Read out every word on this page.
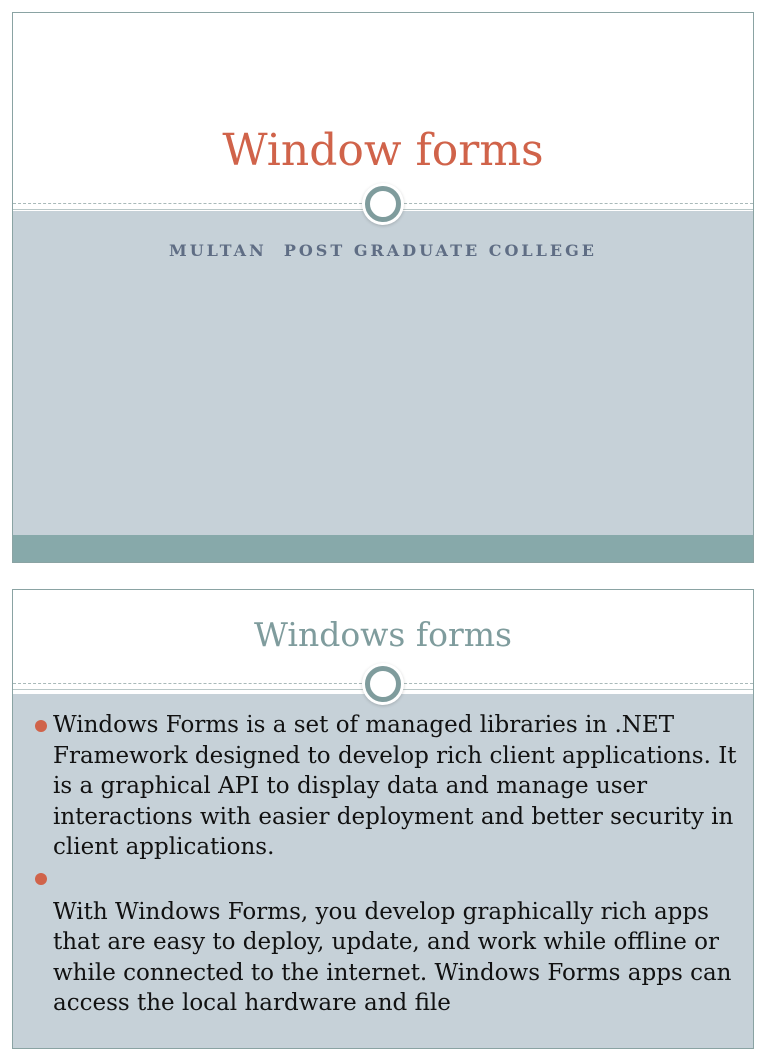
Window forms
MULTAN  POST GRADUATE COLLEGE
Windows forms
Windows Forms is a set of managed libraries in .NET Framework designed to develop rich client applications. It is a graphical API to display data and manage user interactions with easier deployment and better security in client applications.
With Windows Forms, you develop graphically rich apps that are easy to deploy, update, and work while offline or while connected to the internet. Windows Forms apps can access the local hardware and file
